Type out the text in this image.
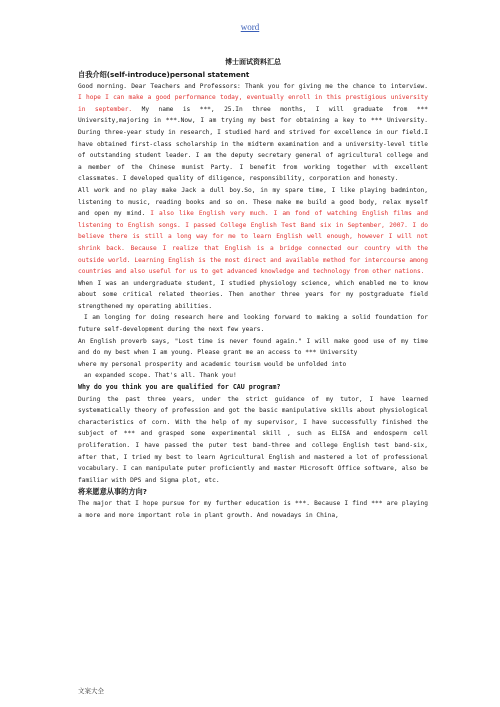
word
博士面试资料汇总
自我介绍(self-introduce)personal statement

Good morning. Dear Teachers and Professors: Thank you for giving me the chance to interview. I hope I can make a good performance today, eventually enroll in this prestigious university in september. My name is ***, 25.In three months, I will graduate from *** University,majoring in ***.Now, I am trying my best for obtaining a key to *** University. During three-year study in research, I studied hard and strived for excellence in our field.I have obtained first-class scholarship in the midterm examination and a university-level title of outstanding student leader. I am the deputy secretary general of agricultural college and a member of the Chinese munist Party. I benefit from working together with excellent classmates. I developed quality of diligence, responsibility, corporation and honesty.

All work and no play make Jack a dull boy.So, in my spare time, I like playing badminton, listening to music, reading books and so on. These make me build a good body, relax myself and open my mind. I also like English very much. I am fond of watching English films and listening to English songs. I passed College English Test Band six in September, 2007. I do believe there is still a long way for me to learn English well enough, however I will not shrink back. Because I realize that English is a bridge connected our country with the outside world. Learning English is the most direct and available method for intercourse among countries and also useful for us to get advanced knowledge and technology from other nations.

When I was an undergraduate student, I studied physiology science, which enabled me to know about some critical related theories. Then another three years for my postgraduate field strengthened my operating abilities.

I am longing for doing research here and looking forward to making a solid foundation for future self-development during the next few years.

An English proverb says, "Lost time is never found again." I will make good use of my time and do my best when I am young. Please grant me an access to *** University

where my personal prosperity and academic tourism would be unfolded into

an expanded scope. That's all. Thank you!

Why do you think you are qualified for CAU program?

During the past three years, under the strict guidance of my tutor, I have learned systematically theory of profession and got the basic manipulative skills about physiological characteristics of corn. With the help of my supervisor, I have successfully finished the subject of *** and grasped some experimental skill , such as ELISA and endosperm cell proliferation. I have passed the puter test band-three and college English test band-six, after that, I tried my best to learn Agricultural English and mastered a lot of professional vocabulary. I can manipulate puter proficiently and master Microsoft Office software, also be familiar with DPS and Sigma plot, etc.

将来愿意从事的方向?

The major that I hope pursue for my further education is ***. Because I find *** are playing a more and more important role in plant growth. And nowadays in China,

文案大全
